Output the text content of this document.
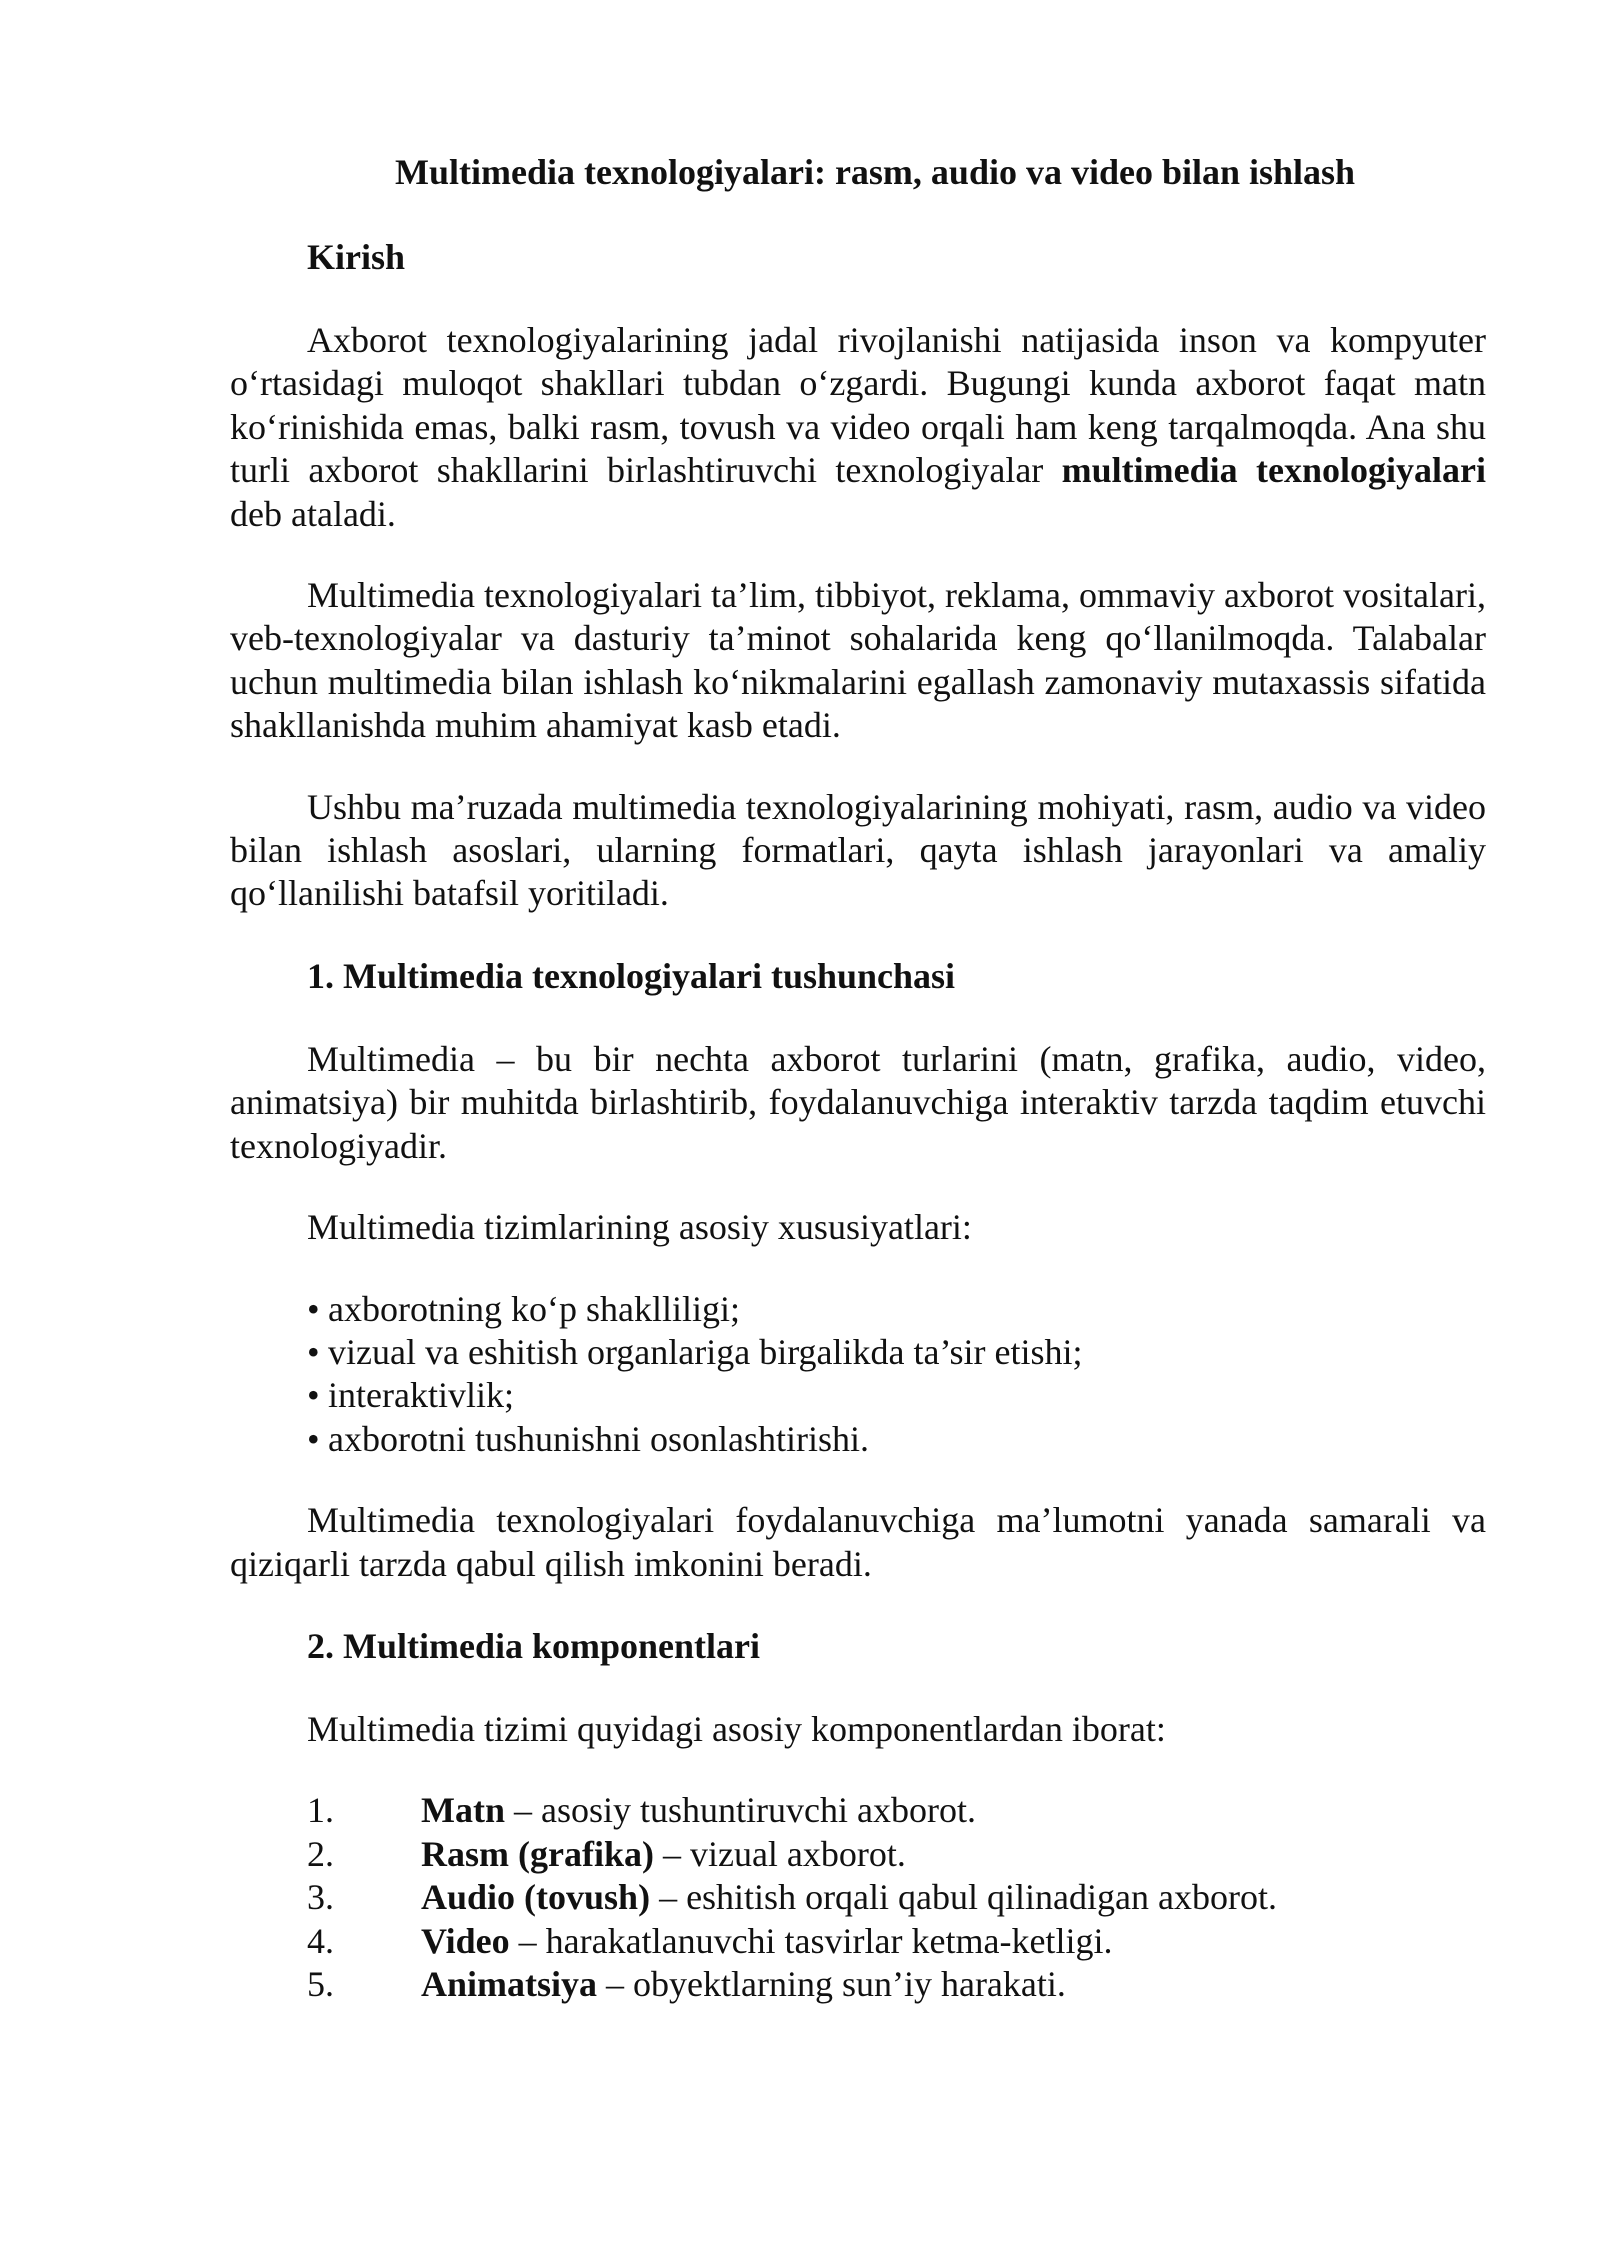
Multimedia texnologiyalari: rasm, audio va video bilan ishlash
Kirish

Axborot texnologiyalarining jadal rivojlanishi natijasida inson va kompyuter o‘rtasidagi muloqot shakllari tubdan o‘zgardi. Bugungi kunda axborot faqat matn ko‘rinishida emas, balki rasm, tovush va video orqali ham keng tarqalmoqda. Ana shu turli axborot shakllarini birlashtiruvchi texnologiyalar multimedia texnologiyalari deb ataladi.

Multimedia texnologiyalari ta’lim, tibbiyot, reklama, ommaviy axborot vositalari, veb-texnologiyalar va dasturiy ta’minot sohalarida keng qo‘llanilmoqda. Talabalar uchun multimedia bilan ishlash ko‘nikmalarini egallash zamonaviy mutaxassis sifatida shakllanishda muhim ahamiyat kasb etadi.

Ushbu ma’ruzada multimedia texnologiyalarining mohiyati, rasm, audio va video bilan ishlash asoslari, ularning formatlari, qayta ishlash jarayonlari va amaliy qo‘llanilishi batafsil yoritiladi.

1. Multimedia texnologiyalari tushunchasi

Multimedia – bu bir nechta axborot turlarini (matn, grafika, audio, video, animatsiya) bir muhitda birlashtirib, foydalanuvchiga interaktiv tarzda taqdim etuvchi texnologiyadir.

Multimedia tizimlarining asosiy xususiyatlari:

• axborotning ko‘p shaklliligi;
• vizual va eshitish organlariga birgalikda ta’sir etishi;
• interaktivlik;
• axborotni tushunishni osonlashtirishi.

Multimedia texnologiyalari foydalanuvchiga ma’lumotni yanada samarali va qiziqarli tarzda qabul qilish imkonini beradi.

2. Multimedia komponentlari

Multimedia tizimi quyidagi asosiy komponentlardan iborat:

1.	Matn – asosiy tushuntiruvchi axborot.
2.	Rasm (grafika) – vizual axborot.
3.	Audio (tovush) – eshitish orqali qabul qilinadigan axborot.
4.	Video – harakatlanuvchi tasvirlar ketma-ketligi.
5.	Animatsiya – obyektlarning sun’iy harakati.
